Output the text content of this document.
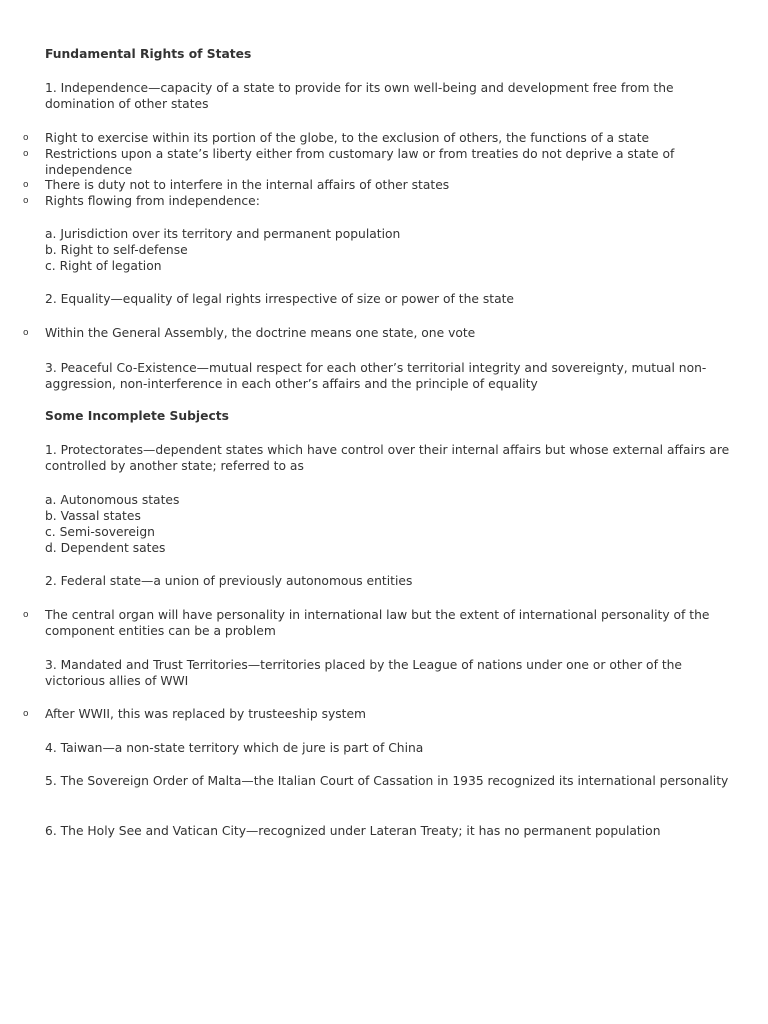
Fundamental Rights of States
1. Independence—capacity of a state to provide for its own well-being and development free from the domination of other states
o Right to exercise within its portion of the globe, to the exclusion of others, the functions of a state
o Restrictions upon a state’s liberty either from customary law or from treaties do not deprive a state of independence
o There is duty not to interfere in the internal affairs of other states
o Rights flowing from independence:
a. Jurisdiction over its territory and permanent population
b. Right to self-defense
c. Right of legation
2. Equality—equality of legal rights irrespective of size or power of the state
o Within the General Assembly, the doctrine means one state, one vote
3. Peaceful Co-Existence—mutual respect for each other’s territorial integrity and sovereignty, mutual non-aggression, non-interference in each other’s affairs and the principle of equality
Some Incomplete Subjects
1. Protectorates—dependent states which have control over their internal affairs but whose external affairs are controlled by another state; referred to as
a. Autonomous states
b. Vassal states
c. Semi-sovereign
d. Dependent sates
2. Federal state—a union of previously autonomous entities
o The central organ will have personality in international law but the extent of international personality of the component entities can be a problem
3. Mandated and Trust Territories—territories placed by the League of nations under one or other of the victorious allies of WWI
o After WWII, this was replaced by trusteeship system
4. Taiwan—a non-state territory which de jure is part of China
5. The Sovereign Order of Malta—the Italian Court of Cassation in 1935 recognized its international personality
6. The Holy See and Vatican City—recognized under Lateran Treaty; it has no permanent population
